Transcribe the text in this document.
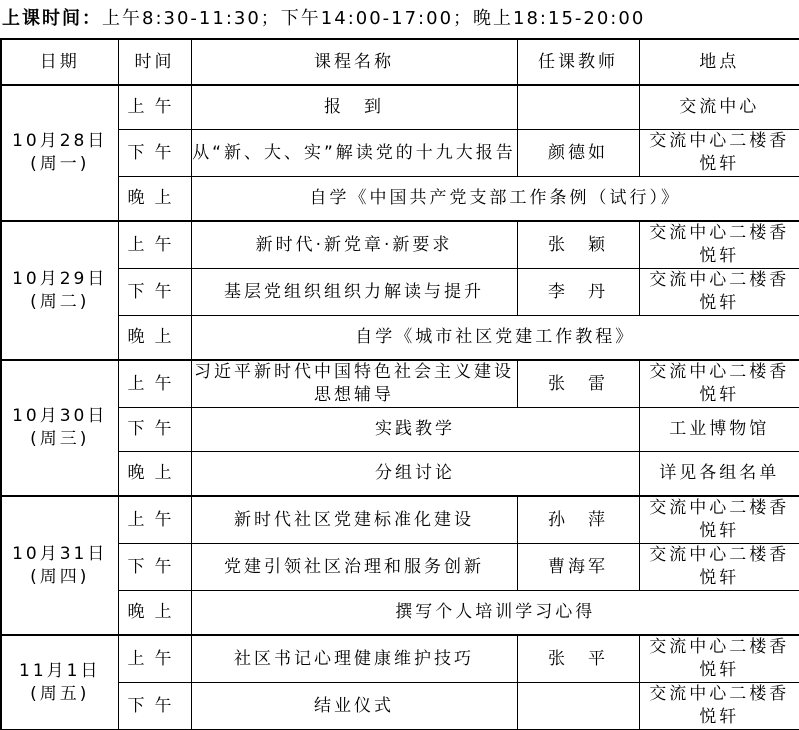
上课时间：上午8:30-11:30；下午14:00-17:00；晚上18:15-20:00
日期	时间	课程名称	任课教师	地点

10月28日
(周一)	上午	报　到		交流中心
	下午	从“新、大、实”解读党的十九大报告	颜德如	交流中心二楼香悦轩
	晚上	自学《中国共产党支部工作条例（试行）》		

10月29日
(周二)	上午	新时代·新党章·新要求	张　颖	交流中心二楼香悦轩
	下午	基层党组织组织力解读与提升	李　丹	交流中心二楼香悦轩
	晚上	自学《城市社区党建工作教程》		

10月30日
(周三)	上午	习近平新时代中国特色社会主义建设思想辅导	张　雷	交流中心二楼香悦轩
	下午	实践教学		工业博物馆
	晚上	分组讨论		详见各组名单

10月31日
(周四)	上午	新时代社区党建标准化建设	孙　萍	交流中心二楼香悦轩
	下午	党建引领社区治理和服务创新	曹海军	交流中心二楼香悦轩
	晚上	撰写个人培训学习心得		

11月1日
(周五)	上午	社区书记心理健康维护技巧	张　平	交流中心二楼香悦轩
	下午	结业仪式		交流中心二楼香悦轩
